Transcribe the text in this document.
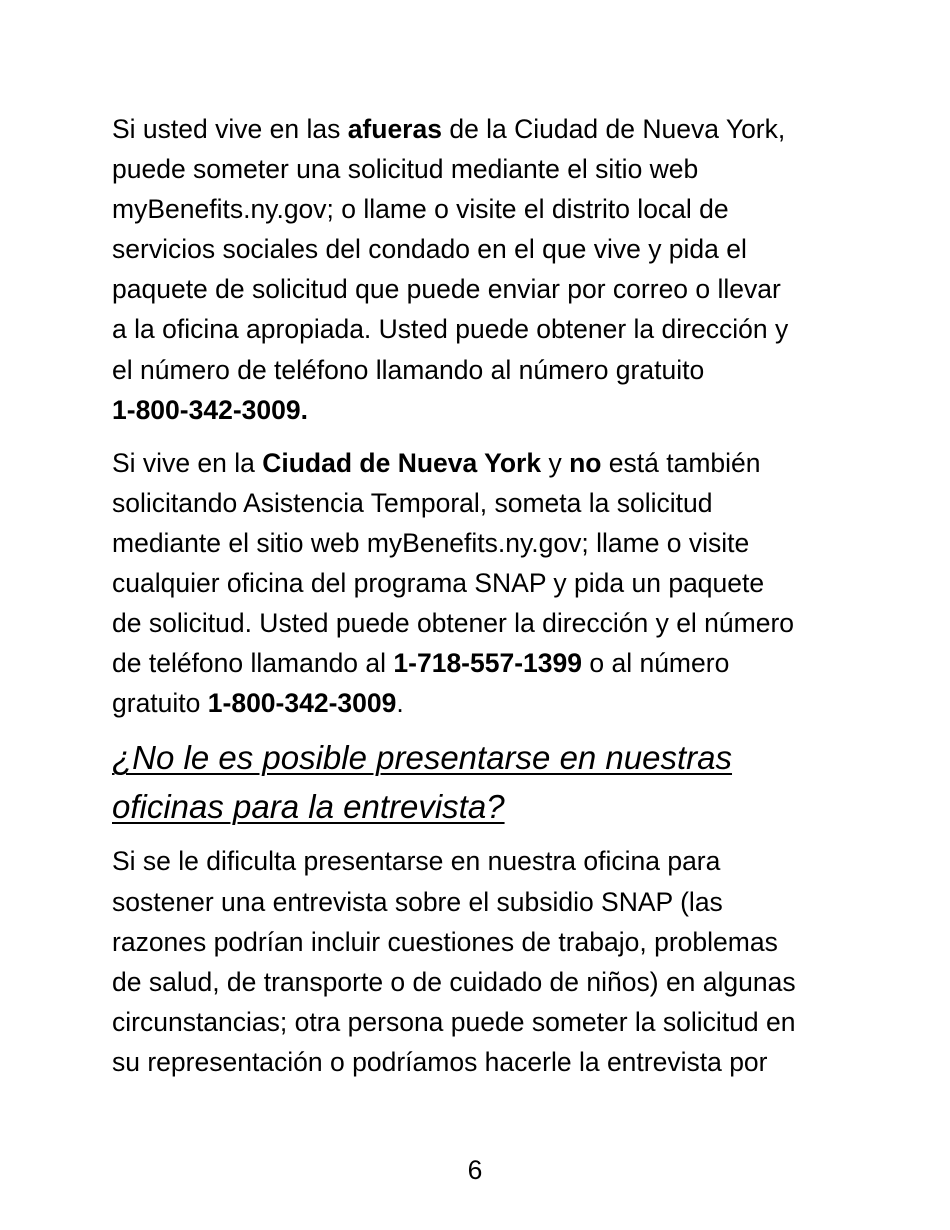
Si usted vive en las afueras de la Ciudad de Nueva York,
puede someter una solicitud mediante el sitio web
myBenefits.ny.gov; o llame o visite el distrito local de
servicios sociales del condado en el que vive y pida el
paquete de solicitud que puede enviar por correo o llevar
a la oficina apropiada. Usted puede obtener la dirección y
el número de teléfono llamando al número gratuito
1-800-342-3009.

Si vive en la Ciudad de Nueva York y no está también
solicitando Asistencia Temporal, someta la solicitud
mediante el sitio web myBenefits.ny.gov; llame o visite
cualquier oficina del programa SNAP y pida un paquete
de solicitud. Usted puede obtener la dirección y el número
de teléfono llamando al 1-718-557-1399 o al número
gratuito 1-800-342-3009.

¿No le es posible presentarse en nuestras
oficinas para la entrevista?

Si se le dificulta presentarse en nuestra oficina para
sostener una entrevista sobre el subsidio SNAP (las
razones podrían incluir cuestiones de trabajo, problemas
de salud, de transporte o de cuidado de niños) en algunas
circunstancias; otra persona puede someter la solicitud en
su representación o podríamos hacerle la entrevista por

6
